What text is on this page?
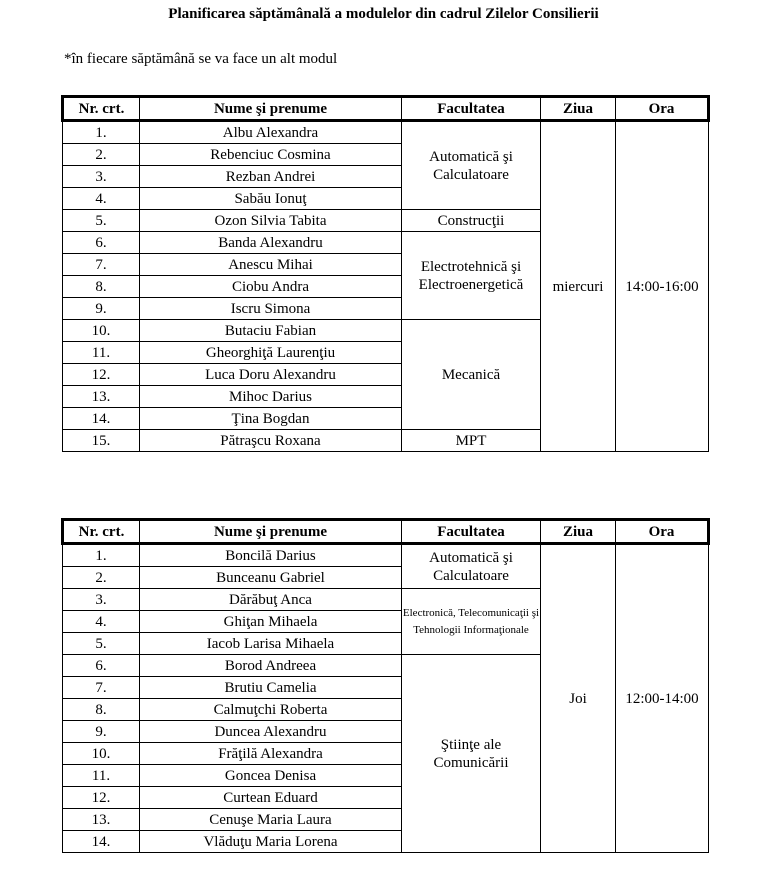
Planificarea săptămânală a modulelor din cadrul Zilelor Consilierii
*în fiecare săptămână se va face un alt modul
Nr. crt.	Nume şi prenume	Facultatea	Ziua	Ora
1.	Albu Alexandra	Automatică şi Calculatoare	miercuri	14:00-16:00
2.	Rebenciuc Cosmina			
3.	Rezban Andrei			
4.	Sabău Ionuţ			
5.	Ozon Silvia Tabita	Construcţii		
6.	Banda Alexandru	Electrotehnică şi Electroenergetică		
7.	Anescu Mihai			
8.	Ciobu Andra			
9.	Iscru Simona			
10.	Butaciu Fabian	Mecanică		
11.	Gheorghiţă Laurenţiu			
12.	Luca Doru Alexandru			
13.	Mihoc Darius			
14.	Ţina Bogdan			
15.	Pătraşcu Roxana	MPT		
Nr. crt.	Nume şi prenume	Facultatea	Ziua	Ora
1.	Boncilă Darius	Automatică şi Calculatoare	Joi	12:00-14:00
2.	Bunceanu Gabriel			
3.	Dărăbuţ Anca	Electronică, Telecomunicaţii şi Tehnologii Informaţionale		
4.	Ghiţan Mihaela			
5.	Iacob Larisa Mihaela			
6.	Borod Andreea	Ştiinţe ale Comunicării		
7.	Brutiu Camelia			
8.	Calmuţchi Roberta			
9.	Duncea Alexandru			
10.	Frăţilă Alexandra			
11.	Goncea Denisa			
12.	Curtean Eduard			
13.	Cenuşe Maria Laura			
14.	Vlăduţu Maria Lorena			
